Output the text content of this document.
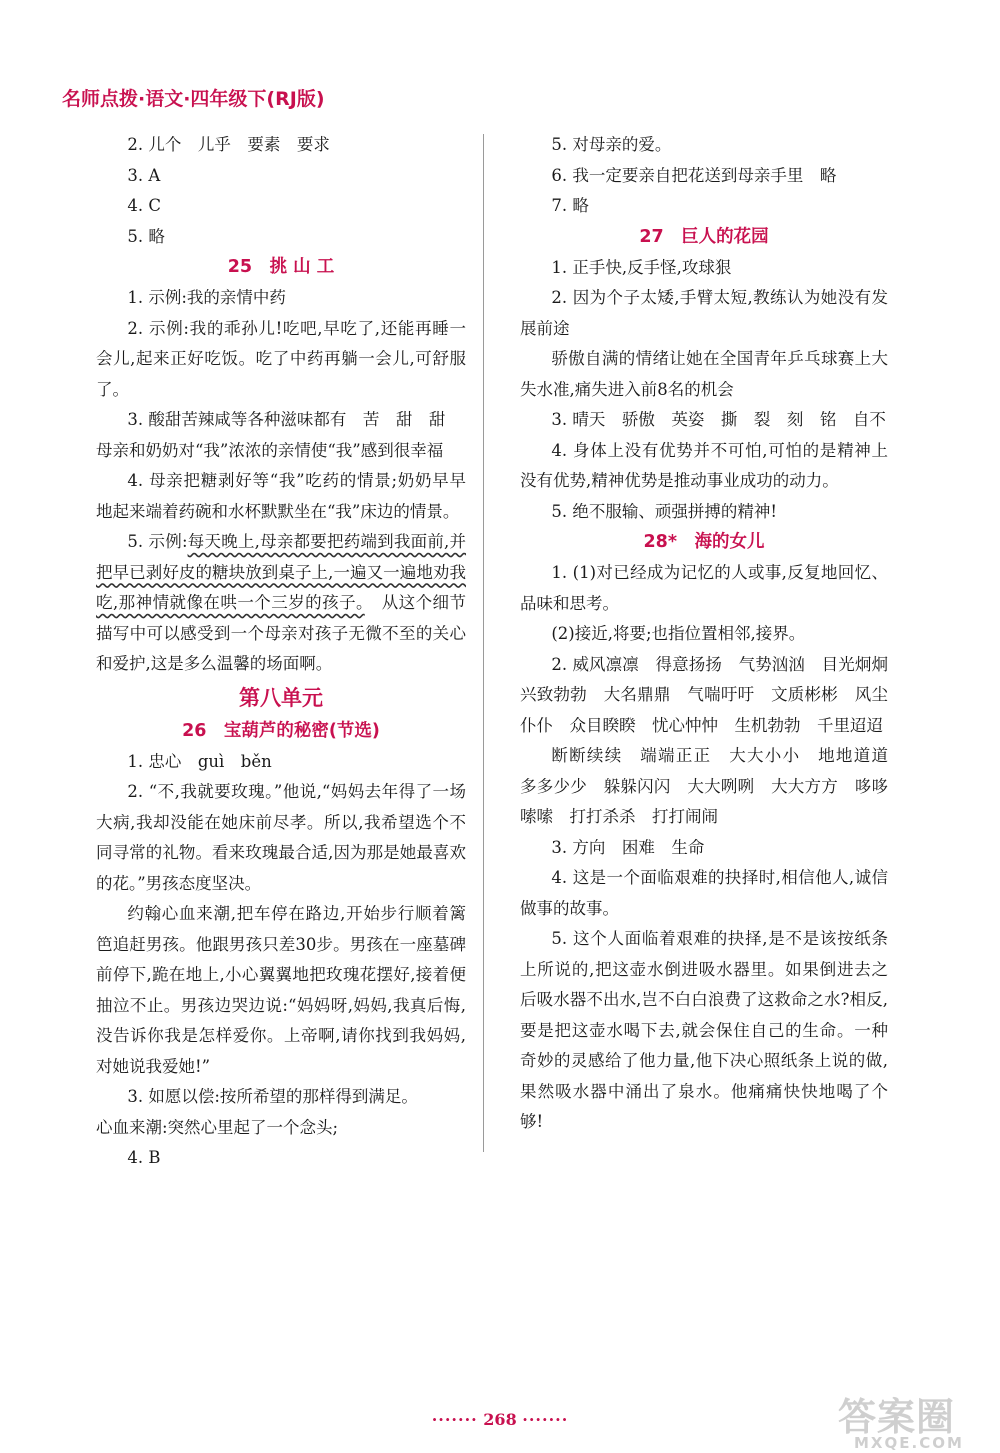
名师点拨·语文·四年级下(RJ版)

2. 儿个　儿乎　要素　要求

3. A

4. C

5. 略

25　挑 山 工

1. 示例:我的亲情中药

2. 示例:我的乖孙儿!吃吧,早吃了,还能再睡一会儿,起来正好吃饭。吃了中药再躺一会儿,可舒服了。

3. 酸甜苦辣咸等各种滋味都有　苦　甜　甜

母亲和奶奶对“我”浓浓的亲情使“我”感到很幸福

4. 母亲把糖剥好等“我”吃药的情景;奶奶早早地起来端着药碗和水杯默默坐在“我”床边的情景。

5. 示例:每天晚上,母亲都要把药端到我面前,并把早已剥好皮的糖块放到桌子上,一遍又一遍地劝我吃,那神情就像在哄一个三岁的孩子。　从这个细节描写中可以感受到一个母亲对孩子无微不至的关心和爱护,这是多么温馨的场面啊。

第八单元

26　宝葫芦的秘密(节选)

1. 忠心　guì　běn

2. “不,我就要玫瑰。”他说,“妈妈去年得了一场大病,我却没能在她床前尽孝。所以,我希望选个不同寻常的礼物。看来玫瑰最合适,因为那是她最喜欢的花。”男孩态度坚决。

约翰心血来潮,把车停在路边,开始步行顺着篱笆追赶男孩。他跟男孩只差30步。男孩在一座墓碑前停下,跪在地上,小心翼翼地把玫瑰花摆好,接着便抽泣不止。男孩边哭边说:“妈妈呀,妈妈,我真后悔,没告诉你我是怎样爱你。上帝啊,请你找到我妈妈,对她说我爱她!”

3. 如愿以偿:按所希望的那样得到满足。

心血来潮:突然心里起了一个念头;

4. B

5. 对母亲的爱。

6. 我一定要亲自把花送到母亲手里　略

7. 略

27　巨人的花园

1. 正手快,反手怪,攻球狠

2. 因为个子太矮,手臂太短,教练认为她没有发展前途

骄傲自满的情绪让她在全国青年乒乓球赛上大失水准,痛失进入前8名的机会

3. 晴天　骄傲　英姿　撕　裂　刻　铭　自不

4. 身体上没有优势并不可怕,可怕的是精神上没有优势,精神优势是推动事业成功的动力。

5. 绝不服输、顽强拼搏的精神!

28*　海的女儿

1. (1)对已经成为记忆的人或事,反复地回忆、品味和思考。

(2)接近,将要;也指位置相邻,接界。

2. 威风凛凛　得意扬扬　气势汹汹　目光炯炯　兴致勃勃　大名鼎鼎　气喘吁吁　文质彬彬　风尘仆仆　众目睽睽　忧心忡忡　生机勃勃　千里迢迢

断断续续　端端正正　大大小小　地地道道　多多少少　躲躲闪闪　大大咧咧　大大方方　哆哆嗦嗦　打打杀杀　打打闹闹

3. 方向　困难　生命

4. 这是一个面临艰难的抉择时,相信他人,诚信做事的故事。

5. 这个人面临着艰难的抉择,是不是该按纸条上所说的,把这壶水倒进吸水器里。如果倒进去之后吸水器不出水,岂不白白浪费了这救命之水?相反,要是把这壶水喝下去,就会保住自己的生命。一种奇妙的灵感给了他力量,他下决心照纸条上说的做,果然吸水器中涌出了泉水。他痛痛快快地喝了个够!

······· 268 ·······	答案圈
MXQE.COM
